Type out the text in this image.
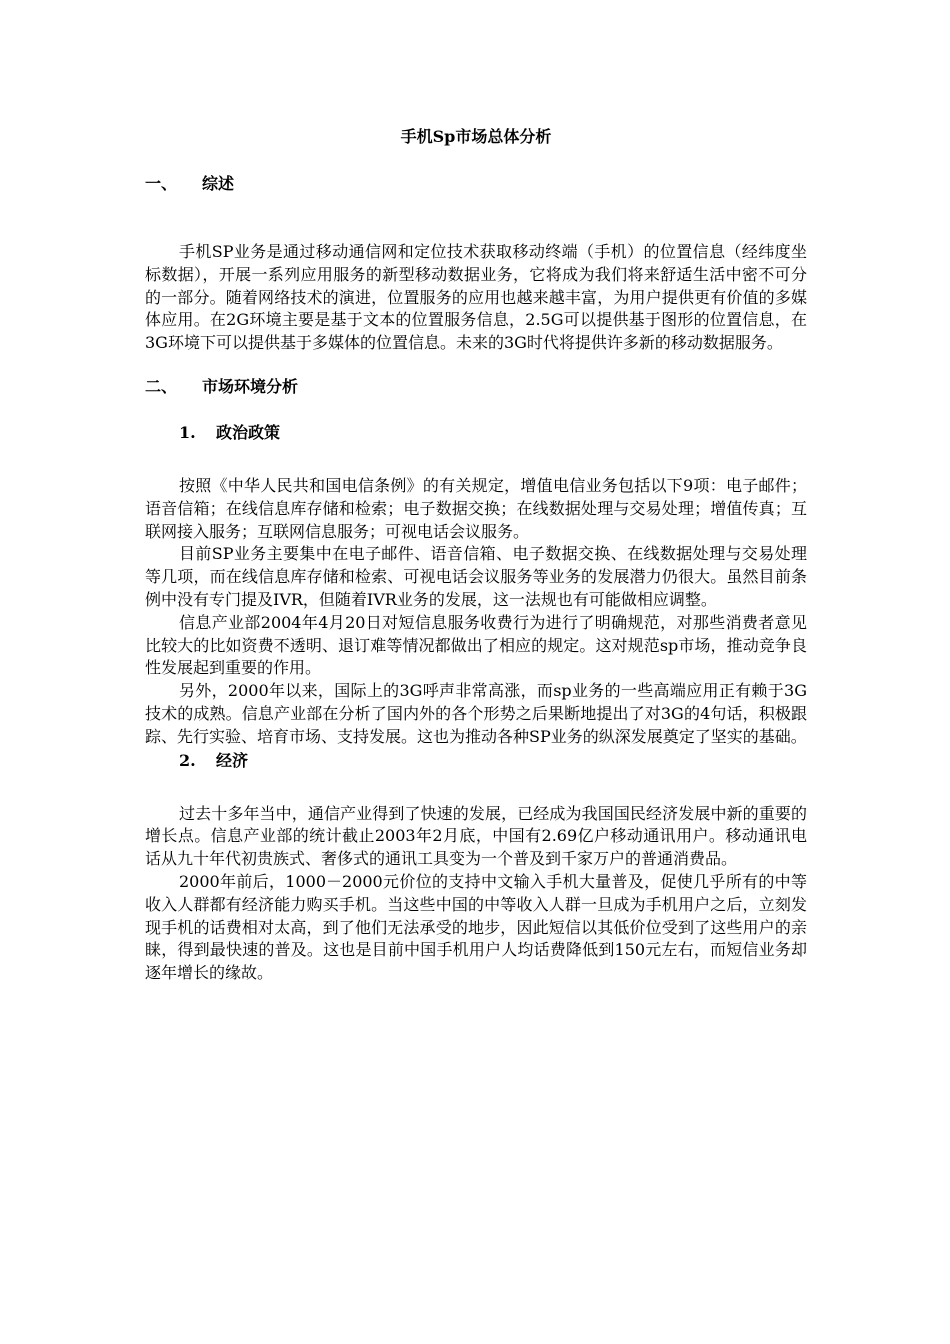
手机Sp市场总体分析
一、	综述

手机SP业务是通过移动通信网和定位技术获取移动终端（手机）的位置信息（经纬度坐标数据），开展一系列应用服务的新型移动数据业务，它将成为我们将来舒适生活中密不可分的一部分。随着网络技术的演进，位置服务的应用也越来越丰富，为用户提供更有价值的多媒体应用。在2G环境主要是基于文本的位置服务信息，2.5G可以提供基于图形的位置信息，在3G环境下可以提供基于多媒体的位置信息。未来的3G时代将提供许多新的移动数据服务。

二、	市场环境分析
1.	政治政策

按照《中华人民共和国电信条例》的有关规定，增值电信业务包括以下9项：电子邮件；语音信箱；在线信息库存储和检索；电子数据交换；在线数据处理与交易处理；增值传真；互联网接入服务；互联网信息服务；可视电话会议服务。

目前SP业务主要集中在电子邮件、语音信箱、电子数据交换、在线数据处理与交易处理等几项，而在线信息库存储和检索、可视电话会议服务等业务的发展潜力仍很大。虽然目前条例中没有专门提及IVR，但随着IVR业务的发展，这一法规也有可能做相应调整。

信息产业部2004年4月20日对短信息服务收费行为进行了明确规范，对那些消费者意见比较大的比如资费不透明、退订难等情况都做出了相应的规定。这对规范sp市场，推动竞争良性发展起到重要的作用。

另外，2000年以来，国际上的3G呼声非常高涨，而sp业务的一些高端应用正有赖于3G技术的成熟。信息产业部在分析了国内外的各个形势之后果断地提出了对3G的4句话，积极跟踪、先行实验、培育市场、支持发展。这也为推动各种SP业务的纵深发展奠定了坚实的基础。

2.	经济

过去十多年当中，通信产业得到了快速的发展，已经成为我国国民经济发展中新的重要的增长点。信息产业部的统计截止2003年2月底，中国有2.69亿户移动通讯用户。移动通讯电话从九十年代初贵族式、奢侈式的通讯工具变为一个普及到千家万户的普通消费品。

2000年前后，1000－2000元价位的支持中文输入手机大量普及，促使几乎所有的中等收入人群都有经济能力购买手机。当这些中国的中等收入人群一旦成为手机用户之后，立刻发现手机的话费相对太高，到了他们无法承受的地步，因此短信以其低价位受到了这些用户的亲睐，得到最快速的普及。这也是目前中国手机用户人均话费降低到150元左右，而短信业务却逐年增长的缘故。
